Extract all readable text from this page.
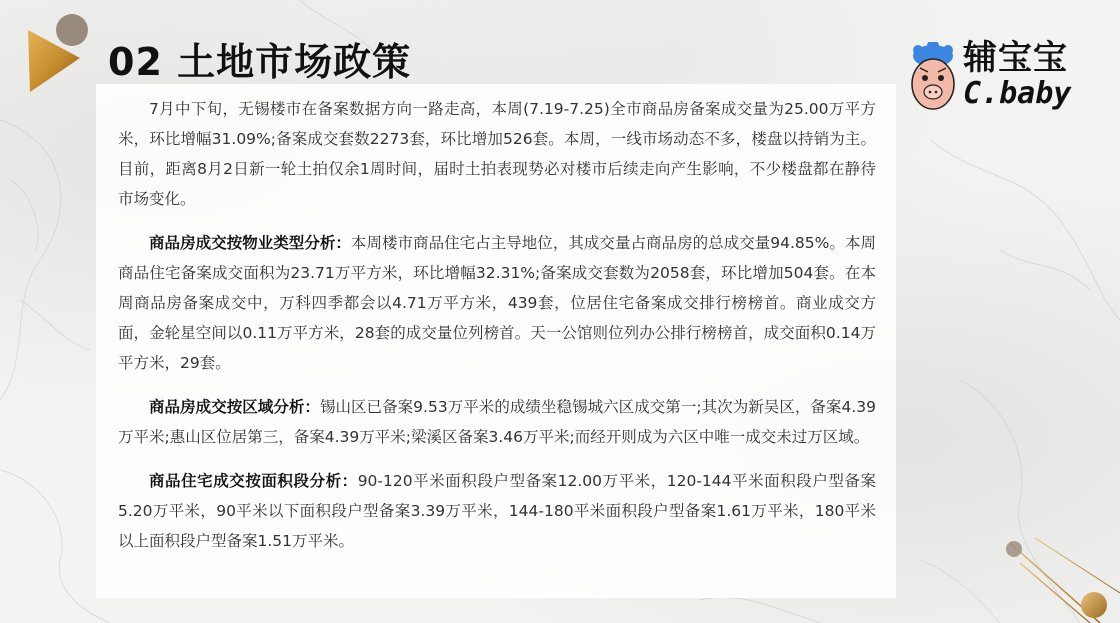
02 土地市场政策	辅宝宝
C.baby

7月中下旬，无锡楼市在备案数据方向一路走高，本周(7.19-7.25)全市商品房备案成交量为25.00万平方米，环比增幅31.09%;备案成交套数2273套，环比增加526套。本周，一线市场动态不多，楼盘以持销为主。目前，距离8月2日新一轮土拍仅余1周时间，届时土拍表现势必对楼市后续走向产生影响，不少楼盘都在静待市场变化。

商品房成交按物业类型分析：本周楼市商品住宅占主导地位，其成交量占商品房的总成交量94.85%。本周商品住宅备案成交面积为23.71万平方米，环比增幅32.31%;备案成交套数为2058套，环比增加504套。在本周商品房备案成交中，万科四季都会以4.71万平方米，439套，位居住宅备案成交排行榜榜首。商业成交方面，金轮星空间以0.11万平方米，28套的成交量位列榜首。天一公馆则位列办公排行榜榜首，成交面积0.14万平方米，29套。

商品房成交按区域分析：锡山区已备案9.53万平米的成绩坐稳锡城六区成交第一;其次为新吴区，备案4.39万平米;惠山区位居第三，备案4.39万平米;梁溪区备案3.46万平米;而经开则成为六区中唯一成交未过万区域。

商品住宅成交按面积段分析：90-120平米面积段户型备案12.00万平米，120-144平米面积段户型备案5.20万平米，90平米以下面积段户型备案3.39万平米，144-180平米面积段户型备案1.61万平米，180平米以上面积段户型备案1.51万平米。
